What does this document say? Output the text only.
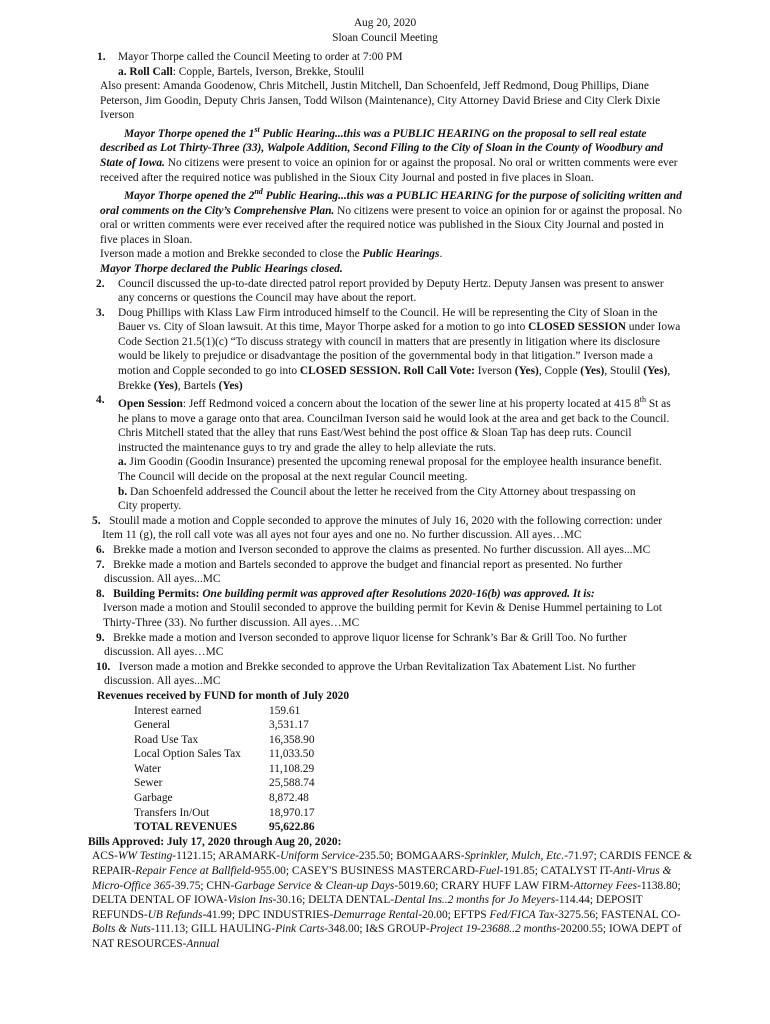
Aug 20, 2020
Sloan Council Meeting
1. Mayor Thorpe called the Council Meeting to order at 7:00 PM
a. Roll Call: Copple, Bartels, Iverson, Brekke, Stoulil
Also present: Amanda Goodenow, Chris Mitchell, Justin Mitchell, Dan Schoenfeld, Jeff Redmond, Doug Phillips, Diane Peterson, Jim Goodin, Deputy Chris Jansen, Todd Wilson (Maintenance), City Attorney David Briese and City Clerk Dixie Iverson
Mayor Thorpe opened the 1st Public Hearing...this was a PUBLIC HEARING on the proposal to sell real estate described as Lot Thirty-Three (33), Walpole Addition, Second Filing to the City of Sloan in the County of Woodbury and State of Iowa. No citizens were present to voice an opinion for or against the proposal. No oral or written comments were ever received after the required notice was published in the Sioux City Journal and posted in five places in Sloan.
Mayor Thorpe opened the 2nd Public Hearing...this was a PUBLIC HEARING for the purpose of soliciting written and oral comments on the City’s Comprehensive Plan. No citizens were present to voice an opinion for or against the proposal. No oral or written comments were ever received after the required notice was published in the Sioux City Journal and posted in five places in Sloan.
Iverson made a motion and Brekke seconded to close the Public Hearings.
Mayor Thorpe declared the Public Hearings closed.
2. Council discussed the up-to-date directed patrol report provided by Deputy Hertz. Deputy Jansen was present to answer any concerns or questions the Council may have about the report.
3. Doug Phillips with Klass Law Firm introduced himself to the Council. He will be representing the City of Sloan in the Bauer vs. City of Sloan lawsuit. At this time, Mayor Thorpe asked for a motion to go into CLOSED SESSION under Iowa Code Section 21.5(1)(c) “To discuss strategy with council in matters that are presently in litigation where its disclosure would be likely to prejudice or disadvantage the position of the governmental body in that litigation.” Iverson made a motion and Copple seconded to go into CLOSED SESSION. Roll Call Vote: Iverson (Yes), Copple (Yes), Stoulil (Yes), Brekke (Yes), Bartels (Yes)
4. Open Session: Jeff Redmond voiced a concern about the location of the sewer line at his property located at 415 8th St as he plans to move a garage onto that area. Councilman Iverson said he would look at the area and get back to the Council. Chris Mitchell stated that the alley that runs East/West behind the post office & Sloan Tap has deep ruts. Council instructed the maintenance guys to try and grade the alley to help alleviate the ruts.
a. Jim Goodin (Goodin Insurance) presented the upcoming renewal proposal for the employee health insurance benefit. The Council will decide on the proposal at the next regular Council meeting.
b. Dan Schoenfeld addressed the Council about the letter he received from the City Attorney about trespassing on City property.
5. Stoulil made a motion and Copple seconded to approve the minutes of July 16, 2020 with the following correction: under Item 11 (g), the roll call vote was all ayes not four ayes and one no. No further discussion. All ayes…MC
6. Brekke made a motion and Iverson seconded to approve the claims as presented. No further discussion. All ayes...MC
7. Brekke made a motion and Bartels seconded to approve the budget and financial report as presented. No further discussion. All ayes...MC
8. Building Permits: One building permit was approved after Resolutions 2020-16(b) was approved. It is:
Iverson made a motion and Stoulil seconded to approve the building permit for Kevin & Denise Hummel pertaining to Lot Thirty-Three (33). No further discussion. All ayes…MC
9. Brekke made a motion and Iverson seconded to approve liquor license for Schrank’s Bar & Grill Too. No further discussion. All ayes…MC
10. Iverson made a motion and Brekke seconded to approve the Urban Revitalization Tax Abatement List. No further discussion. All ayes...MC
Revenues received by FUND for month of July 2020
Interest earned	159.61
General	3,531.17
Road Use Tax	16,358.90
Local Option Sales Tax	11,033.50
Water	11,108.29
Sewer	25,588.74
Garbage	8,872.48
Transfers In/Out	18,970.17
TOTAL REVENUES	95,622.86
Bills Approved: July 17, 2020 through Aug 20, 2020:
ACS-WW Testing-1121.15; ARAMARK-Uniform Service-235.50; BOMGAARS-Sprinkler, Mulch, Etc.-71.97; CARDIS FENCE & REPAIR-Repair Fence at Ballfield-955.00; CASEY'S BUSINESS MASTERCARD-Fuel-191.85; CATALYST IT-Anti-Virus & Micro-Office 365-39.75; CHN-Garbage Service & Clean-up Days-5019.60; CRARY HUFF LAW FIRM-Attorney Fees-1138.80; DELTA DENTAL OF IOWA-Vision Ins-30.16; DELTA DENTAL-Dental Ins..2 months for Jo Meyers-114.44; DEPOSIT REFUNDS-UB Refunds-41.99; DPC INDUSTRIES-Demurrage Rental-20.00; EFTPS Fed/FICA Tax-3275.56; FASTENAL CO-Bolts & Nuts-111.13; GILL HAULING-Pink Carts-348.00; I&S GROUP-Project 19-23688..2 months-20200.55; IOWA DEPT of NAT RESOURCES-Annual
